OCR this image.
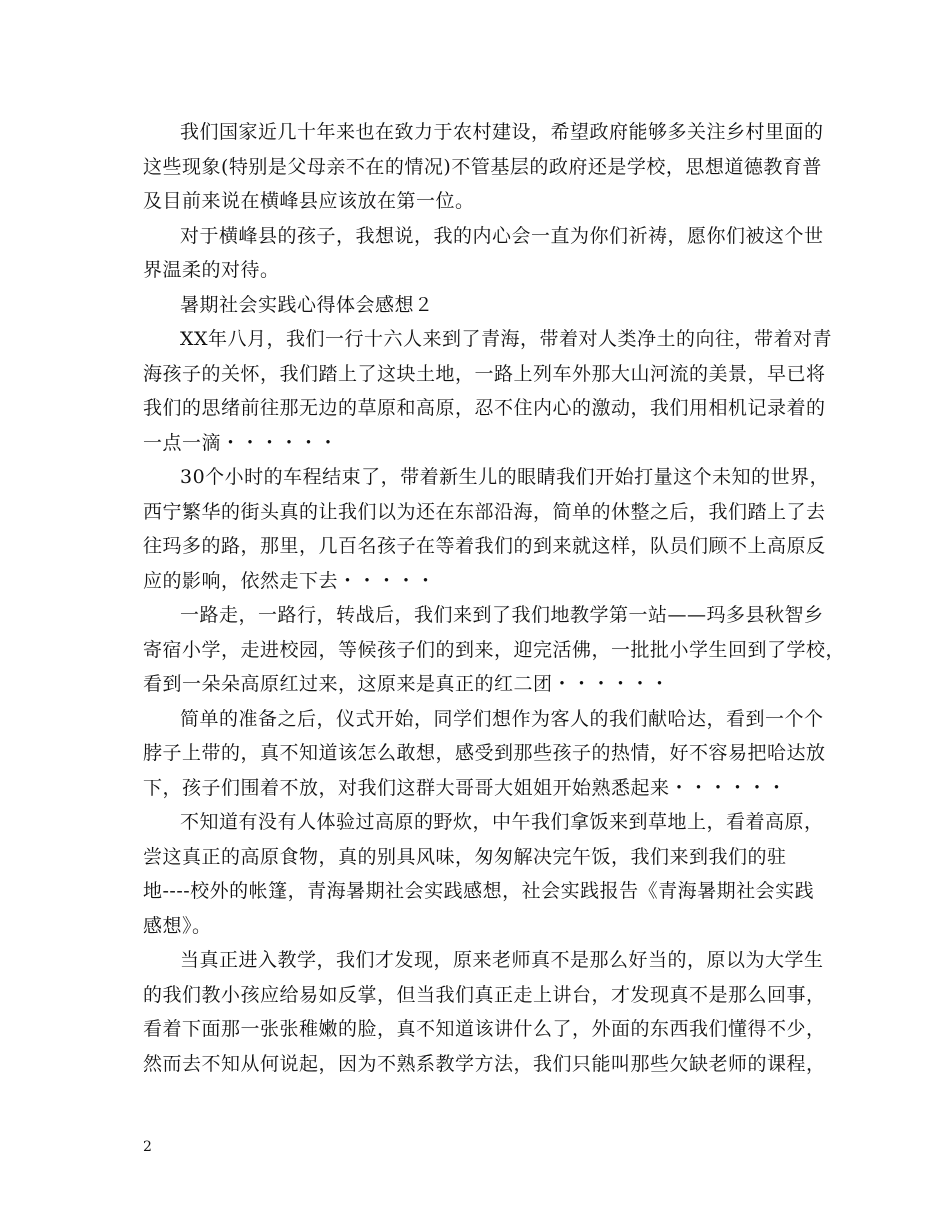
我们国家近几十年来也在致力于农村建设，希望政府能够多关注乡村里面的
这些现象(特别是父母亲不在的情况)不管基层的政府还是学校，思想道德教育普
及目前来说在横峰县应该放在第一位。

对于横峰县的孩子，我想说，我的内心会一直为你们祈祷，愿你们被这个世
界温柔的对待。

暑期社会实践心得体会感想２

XX年八月，我们一行十六人来到了青海，带着对人类净土的向往，带着对青
海孩子的关怀，我们踏上了这块土地，一路上列车外那大山河流的美景，早已将
我们的思绪前往那无边的草原和高原，忍不住内心的激动，我们用相机记录着的
一点一滴・・・・・・

30个小时的车程结束了，带着新生儿的眼睛我们开始打量这个未知的世界，
西宁繁华的街头真的让我们以为还在东部沿海，简单的休整之后，我们踏上了去
往玛多的路，那里，几百名孩子在等着我们的到来就这样，队员们顾不上高原反
应的影响，依然走下去・・・・・

一路走，一路行，转战后，我们来到了我们地教学第一站——玛多县秋智乡
寄宿小学，走进校园，等候孩子们的到来，迎完活佛，一批批小学生回到了学校，
看到一朵朵高原红过来，这原来是真正的红二团・・・・・・

简单的准备之后，仪式开始，同学们想作为客人的我们献哈达，看到一个个
脖子上带的，真不知道该怎么敢想，感受到那些孩子的热情，好不容易把哈达放
下，孩子们围着不放，对我们这群大哥哥大姐姐开始熟悉起来・・・・・・

不知道有没有人体验过高原的野炊，中午我们拿饭来到草地上，看着高原，
尝这真正的高原食物，真的别具风味，匆匆解决完午饭，我们来到我们的驻
地----校外的帐篷，青海暑期社会实践感想，社会实践报告《青海暑期社会实践
感想》。

当真正进入教学，我们才发现，原来老师真不是那么好当的，原以为大学生
的我们教小孩应给易如反掌，但当我们真正走上讲台，才发现真不是那么回事，
看着下面那一张张稚嫩的脸，真不知道该讲什么了，外面的东西我们懂得不少，
然而去不知从何说起，因为不熟系教学方法，我们只能叫那些欠缺老师的课程，

2
